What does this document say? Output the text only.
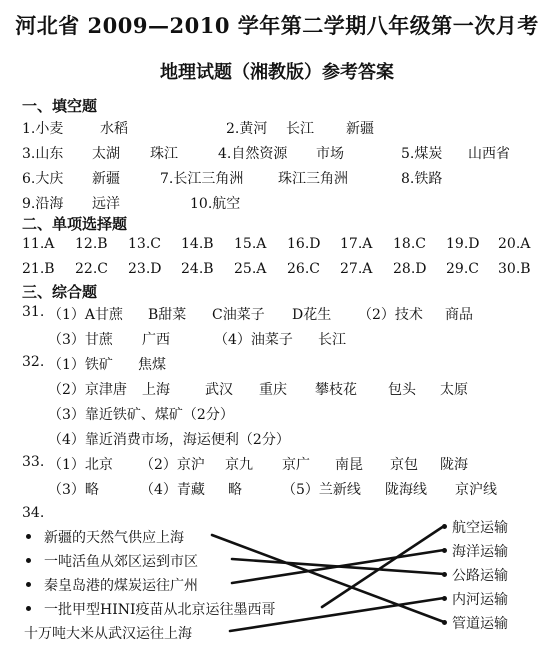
河北省 2009—2010 学年第二学期八年级第一次月考
地理试题（湘教版）参考答案
一、填空题
1.小麦	水稻	2.黄河 长江 新疆
3.山东 太湖 珠江	4.自然资源 市场	5.煤炭 山西省
6.大庆 新疆	7.长江三角洲 珠江三角洲	8.铁路
9.沿海 远洋	10.航空
二、单项选择题
11.A 12.B 13.C 14.B 15.A 16.D 17.A 18.C 19.D 20.A
21.B 22.C 23.D 24.B 25.A 26.C 27.A 28.D 29.C 30.B
三、综合题
31. （1）A甘蔗 B甜菜 C油菜子 D花生 （2）技术 商品
（3）甘蔗 广西	（4）油菜子 长江
32. （1）铁矿 焦煤
（2）京津唐 上海	武汉 重庆 攀枝花 包头 太原
（3）靠近铁矿、煤矿（2分）
（4）靠近消费市场，海运便利（2分）
33. （1）北京 （2）京沪 京九 京广 南昆 京包 陇海
（3）略	（4）青藏 略	（5）兰新线 陇海线 京沪线
34.
新疆的天然气供应上海
一吨活鱼从郊区运到市区
秦皇岛港的煤炭运往广州
一批甲型HINI疫苗从北京运往墨西哥
十万吨大米从武汉运往上海
航空运输
海洋运输
公路运输
内河运输
管道运输
